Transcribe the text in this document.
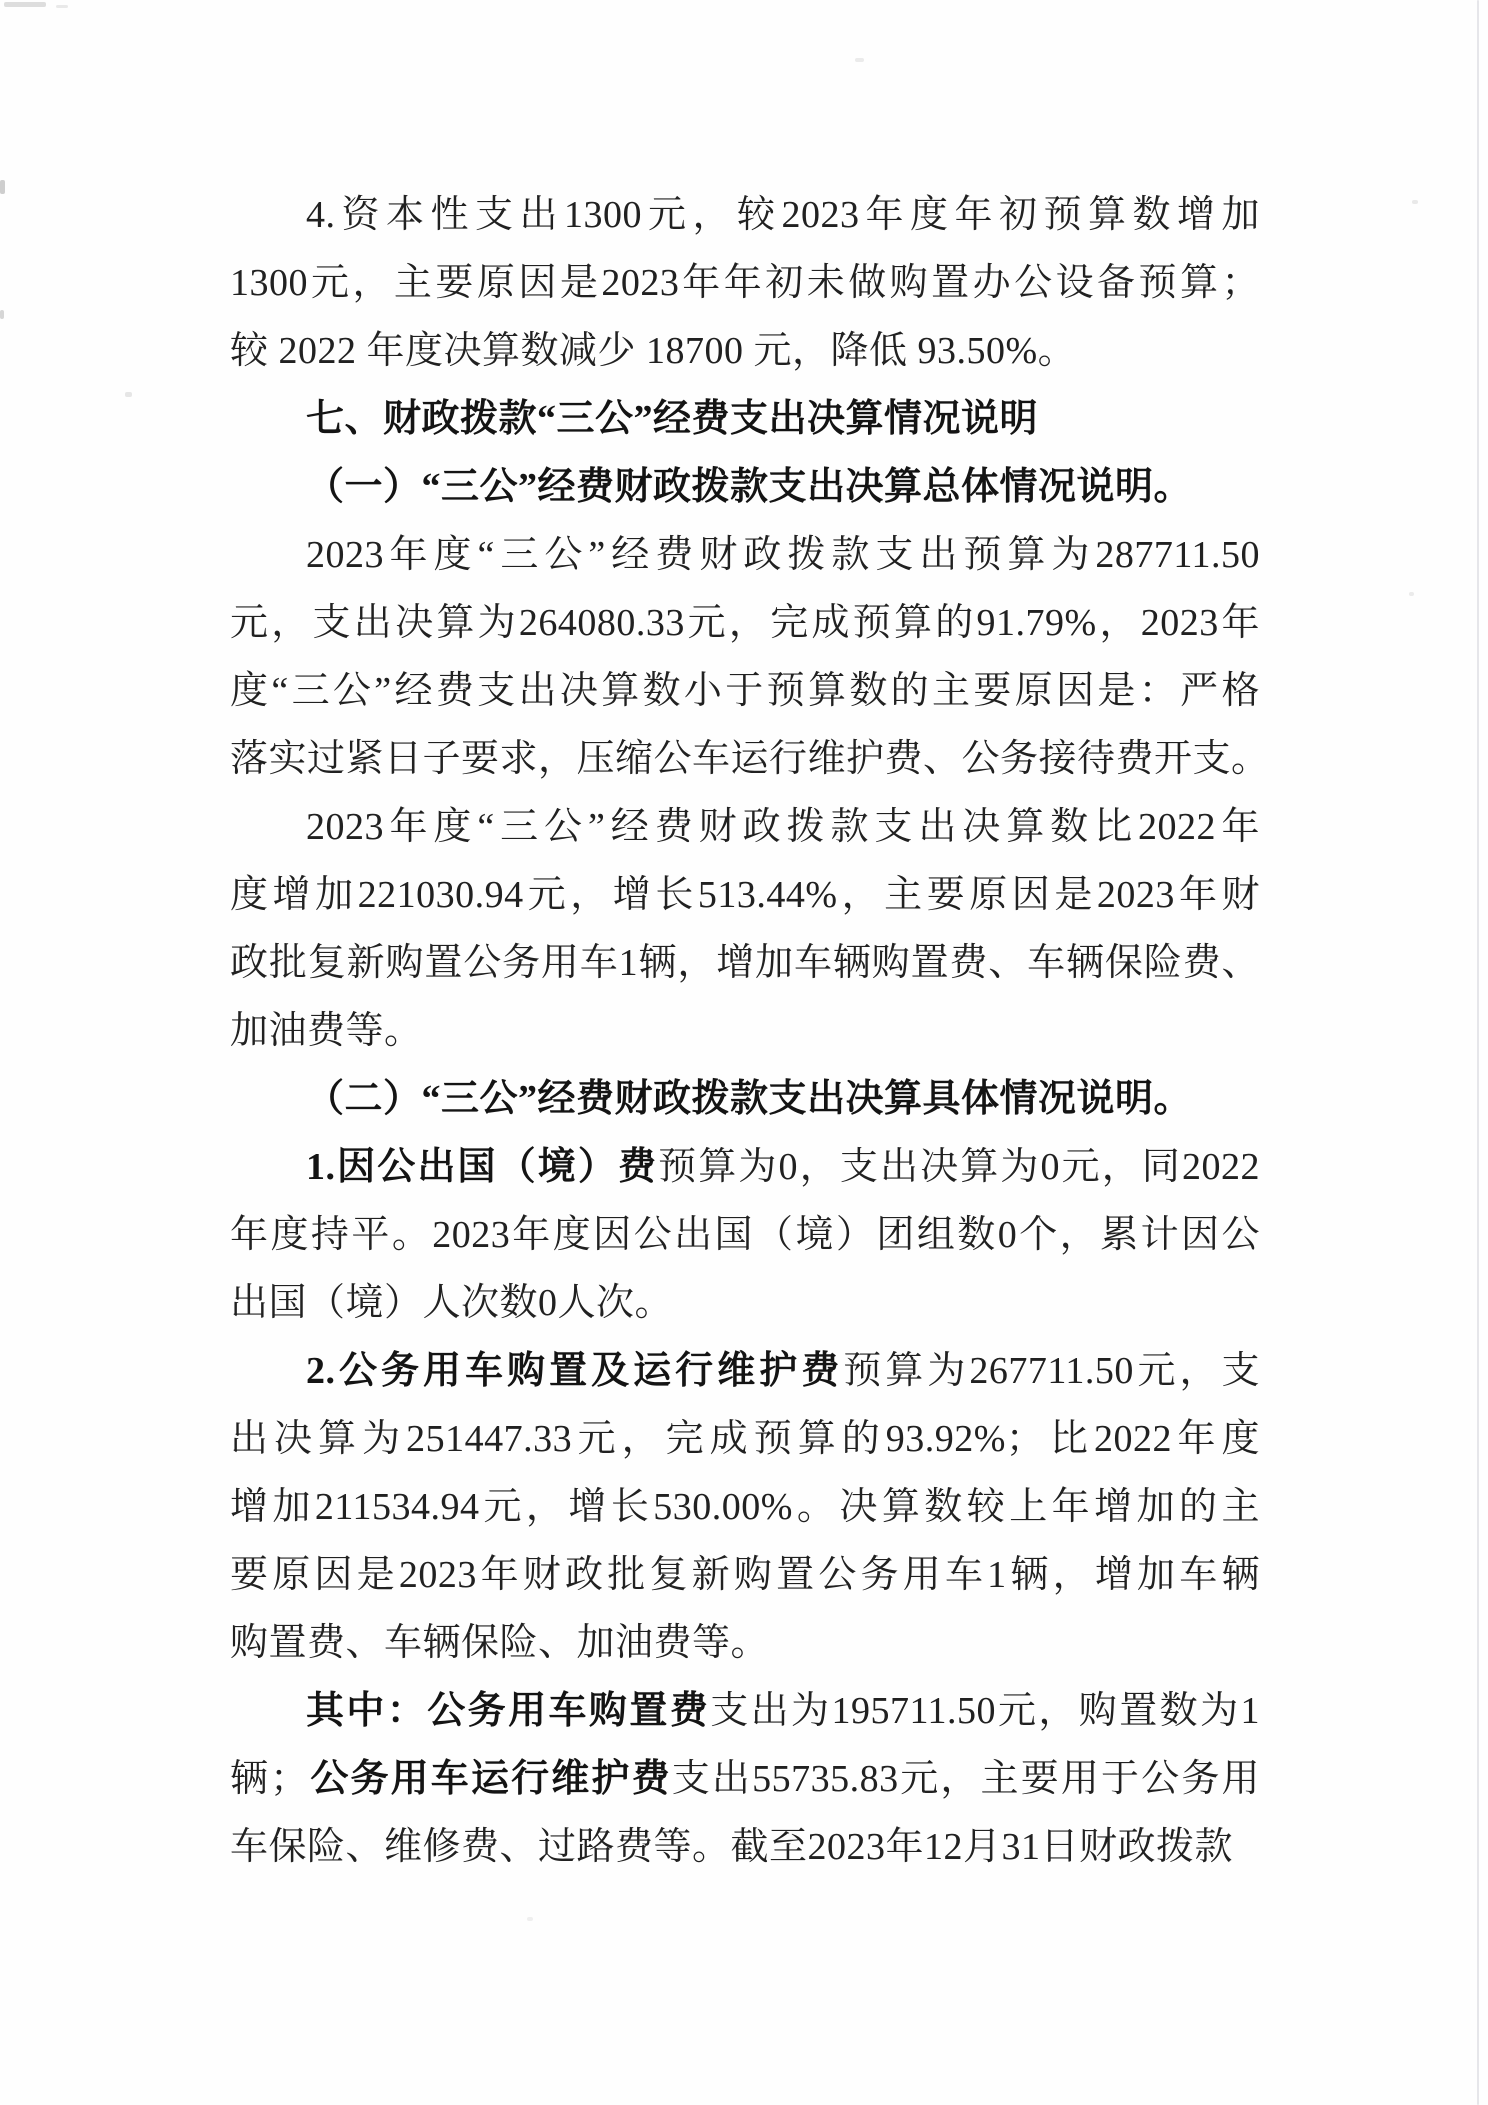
4.资本性支出1300元，较2023年度年初预算数增加
1300元，主要原因是2023年年初未做购置办公设备预算；
较 2022 年度决算数减少 18700 元，降低 93.50%。
七、财政拨款“三公”经费支出决算情况说明
（一）“三公”经费财政拨款支出决算总体情况说明。
2023年度“三公”经费财政拨款支出预算为287711.50
元，支出决算为264080.33元，完成预算的91.79%，2023年
度“三公”经费支出决算数小于预算数的主要原因是：严格
落实过紧日子要求，压缩公车运行维护费、公务接待费开支。
2023年度“三公”经费财政拨款支出决算数比2022年
度增加221030.94元，增长513.44%，主要原因是2023年财
政批复新购置公务用车1辆，增加车辆购置费、车辆保险费、
加油费等。
（二）“三公”经费财政拨款支出决算具体情况说明。
1.因公出国（境）费预算为0，支出决算为0元，同2022
年度持平。2023年度因公出国（境）团组数0个，累计因公
出国（境）人次数0人次。
2.公务用车购置及运行维护费预算为267711.50元，支
出决算为251447.33元，完成预算的93.92%；比2022年度
增加211534.94元，增长530.00%。决算数较上年增加的主
要原因是2023年财政批复新购置公务用车1辆，增加车辆
购置费、车辆保险、加油费等。
其中：公务用车购置费支出为195711.50元，购置数为1
辆；公务用车运行维护费支出55735.83元，主要用于公务用
车保险、维修费、过路费等。截至2023年12月31日财政拨款
